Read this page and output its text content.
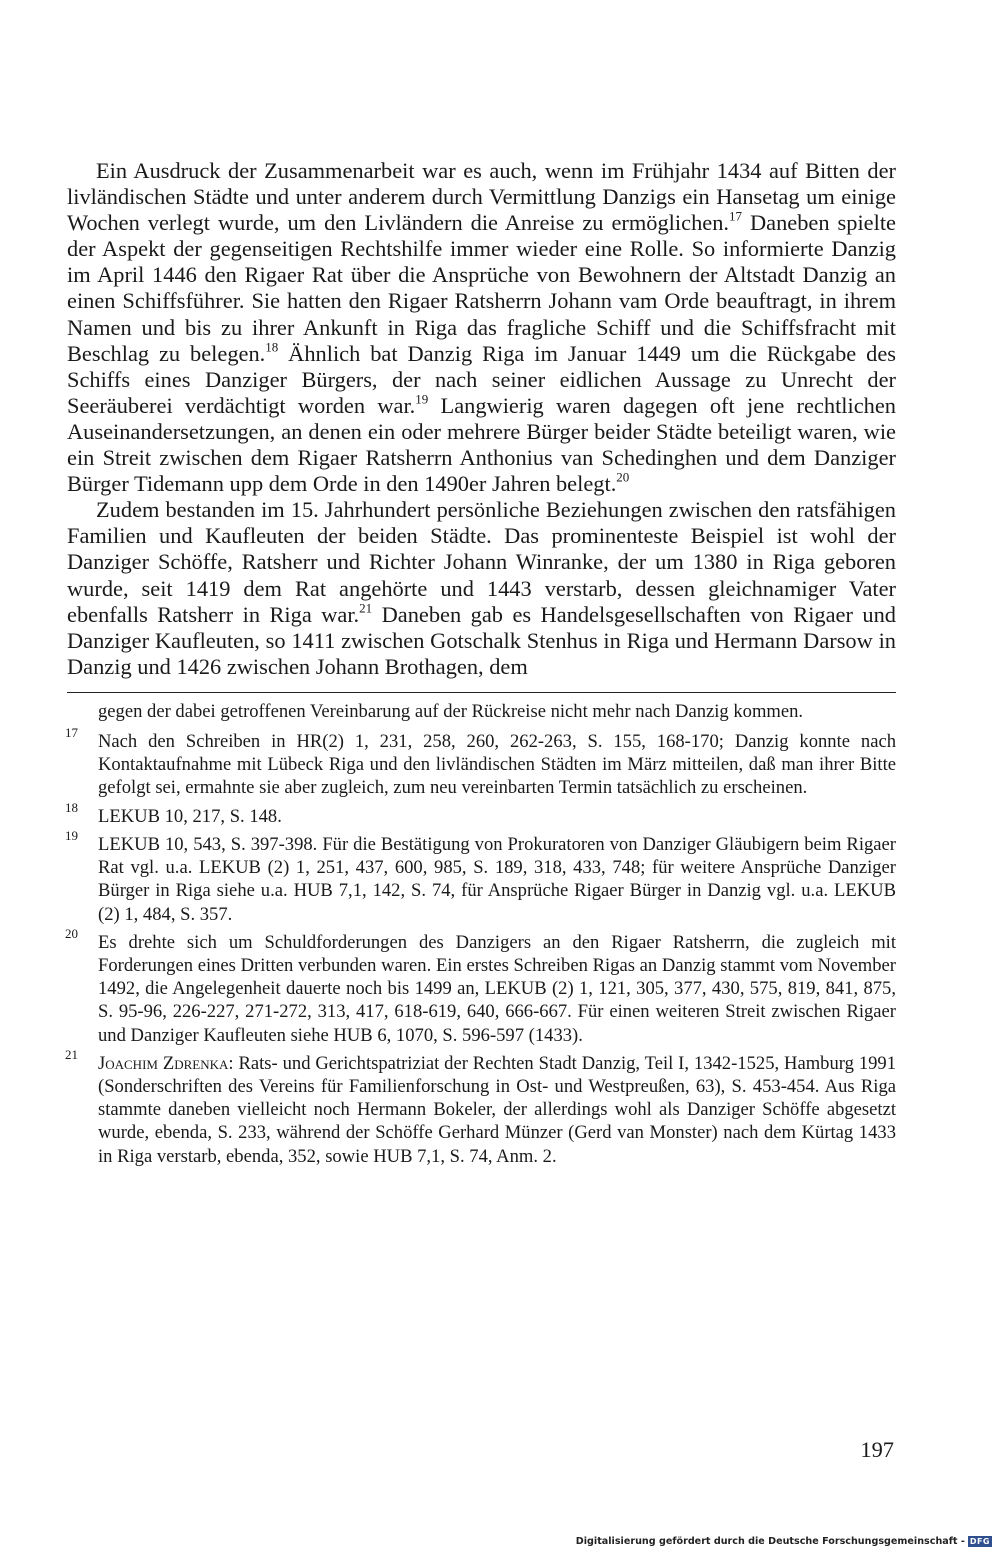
Ein Ausdruck der Zusammenarbeit war es auch, wenn im Frühjahr 1434 auf Bitten der livländischen Städte und unter anderem durch Vermittlung Danzigs ein Hansetag um einige Wochen verlegt wurde, um den Livländern die Anreise zu ermöglichen.$^{17}$ Daneben spielte der Aspekt der gegenseitigen Rechtshilfe immer wieder eine Rolle. So informierte Danzig im April 1446 den Rigaer Rat über die Ansprüche von Bewohnern der Altstadt Danzig an einen Schiffsführer. Sie hatten den Rigaer Ratsherrn Johann vam Orde beauftragt, in ihrem Namen und bis zu ihrer Ankunft in Riga das fragliche Schiff und die Schiffsfracht mit Beschlag zu belegen.$^{18}$ Ähnlich bat Danzig Riga im Januar 1449 um die Rückgabe des Schiffs eines Danziger Bürgers, der nach seiner eidlichen Aussage zu Unrecht der Seeräuberei verdächtigt worden war.$^{19}$ Langwierig waren dagegen oft jene rechtlichen Auseinandersetzungen, an denen ein oder mehrere Bürger beider Städte beteiligt waren, wie ein Streit zwischen dem Rigaer Ratsherrn Anthonius van Schedinghen und dem Danziger Bürger Tidemann upp dem Orde in den 1490er Jahren belegt.$^{20}$

Zudem bestanden im 15. Jahrhundert persönliche Beziehungen zwischen den ratsfähigen Familien und Kaufleuten der beiden Städte. Das prominenteste Beispiel ist wohl der Danziger Schöffe, Ratsherr und Richter Johann Winranke, der um 1380 in Riga geboren wurde, seit 1419 dem Rat angehörte und 1443 verstarb, dessen gleichnamiger Vater ebenfalls Ratsherr in Riga war.$^{21}$ Daneben gab es Handelsgesellschaften von Rigaer und Danziger Kaufleuten, so 1411 zwischen Gotschalk Stenhus in Riga und Hermann Darsow in Danzig und 1426 zwischen Johann Brothagen, dem

gegen der dabei getroffenen Vereinbarung auf der Rückreise nicht mehr nach Danzig kommen.
17 Nach den Schreiben in HR(2) 1, 231, 258, 260, 262-263, S. 155, 168-170; Danzig konnte nach Kontaktaufnahme mit Lübeck Riga und den livländischen Städten im März mitteilen, daß man ihrer Bitte gefolgt sei, ermahnte sie aber zugleich, zum neu vereinbarten Termin tatsächlich zu erscheinen.
18 LEKUB 10, 217, S. 148.
19 LEKUB 10, 543, S. 397-398. Für die Bestätigung von Prokuratoren von Danziger Gläubigern beim Rigaer Rat vgl. u.a. LEKUB (2) 1, 251, 437, 600, 985, S. 189, 318, 433, 748; für weitere Ansprüche Danziger Bürger in Riga siehe u.a. HUB 7,1, 142, S. 74, für Ansprüche Rigaer Bürger in Danzig vgl. u.a. LEKUB (2) 1, 484, S. 357.
20 Es drehte sich um Schuldforderungen des Danzigers an den Rigaer Ratsherrn, die zugleich mit Forderungen eines Dritten verbunden waren. Ein erstes Schreiben Rigas an Danzig stammt vom November 1492, die Angelegenheit dauerte noch bis 1499 an, LEKUB (2) 1, 121, 305, 377, 430, 575, 819, 841, 875, S. 95-96, 226-227, 271-272, 313, 417, 618-619, 640, 666-667. Für einen weiteren Streit zwischen Rigaer und Danziger Kaufleuten siehe HUB 6, 1070, S. 596-597 (1433).
21 Joachim Zdrenka: Rats- und Gerichtspatriziat der Rechten Stadt Danzig, Teil I, 1342-1525, Hamburg 1991 (Sonderschriften des Vereins für Familienforschung in Ost- und Westpreußen, 63), S. 453-454. Aus Riga stammte daneben vielleicht noch Hermann Bokeler, der allerdings wohl als Danziger Schöffe abgesetzt wurde, ebenda, S. 233, während der Schöffe Gerhard Münzer (Gerd van Monster) nach dem Kürtag 1433 in Riga verstarb, ebenda, 352, sowie HUB 7,1, S. 74, Anm. 2.
197
Digitalisierung gefördert durch die Deutsche Forschungsgemeinschaft - DFG
